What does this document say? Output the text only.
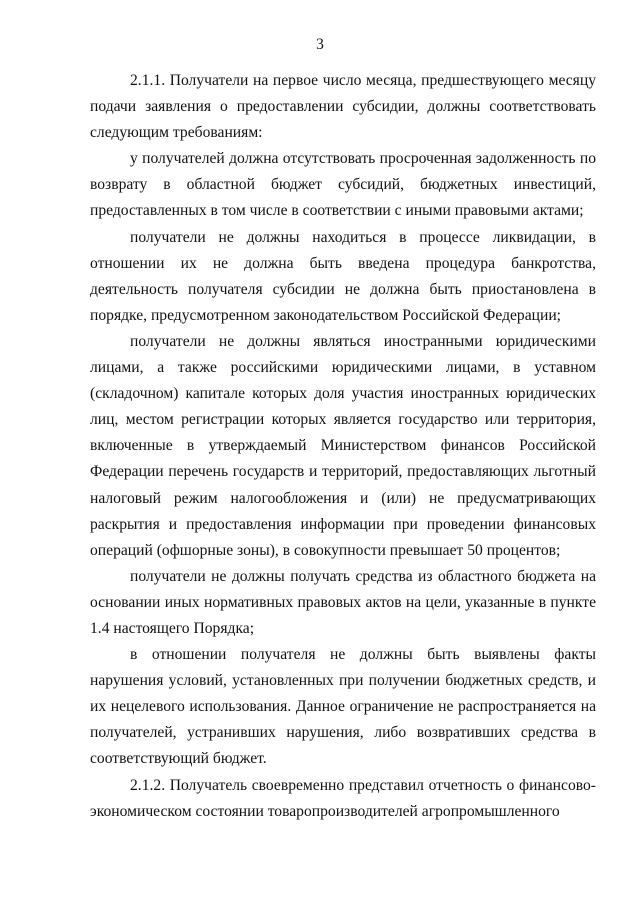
3

2.1.1. Получатели на первое число месяца, предшествующего месяцу подачи заявления о предоставлении субсидии, должны соответствовать следующим требованиям:

у получателей должна отсутствовать просроченная задолженность по возврату в областной бюджет субсидий, бюджетных инвестиций, предоставленных в том числе в соответствии с иными правовыми актами;

получатели не должны находиться в процессе ликвидации, в отношении их не должна быть введена процедура банкротства, деятельность получателя субсидии не должна быть приостановлена в порядке, предусмотренном законодательством Российской Федерации;

получатели не должны являться иностранными юридическими лицами, а также российскими юридическими лицами, в уставном (складочном) капитале которых доля участия иностранных юридических лиц, местом регистрации которых является государство или территория, включенные в утверждаемый Министерством финансов Российской Федерации перечень государств и территорий, предоставляющих льготный налоговый режим налогообложения и (или) не предусматривающих раскрытия и предоставления информации при проведении финансовых операций (офшорные зоны), в совокупности превышает 50 процентов;

получатели не должны получать средства из областного бюджета на основании иных нормативных правовых актов на цели, указанные в пункте 1.4 настоящего Порядка;

в отношении получателя не должны быть выявлены факты нарушения условий, установленных при получении бюджетных средств, и их нецелевого использования. Данное ограничение не распространяется на получателей, устранивших нарушения, либо возвративших средства в соответствующий бюджет.

2.1.2. Получатель своевременно представил отчетность о финансово-экономическом состоянии товаропроизводителей агропромышленного
